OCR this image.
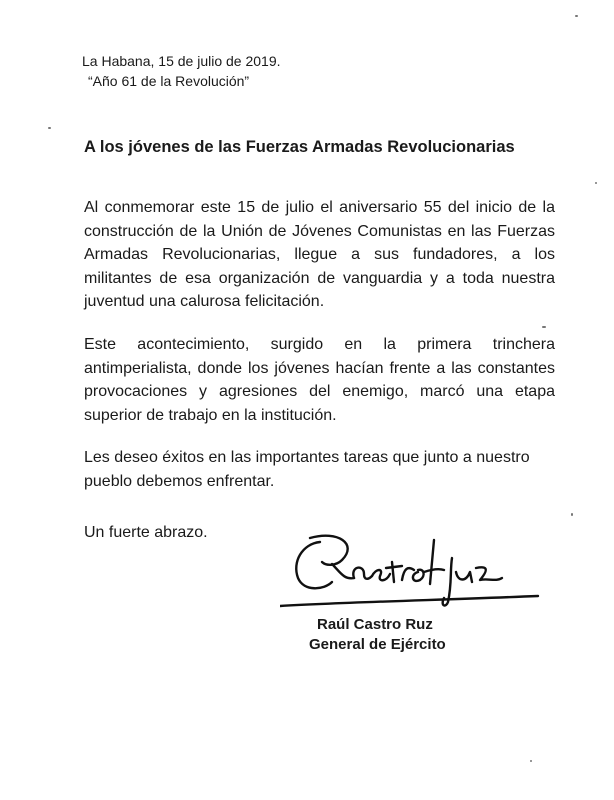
La Habana, 15 de julio de 2019.
“Año 61 de la Revolución”
A los jóvenes de las Fuerzas Armadas Revolucionarias

Al conmemorar este 15 de julio el aniversario 55 del inicio de la construcción de la Unión de Jóvenes Comunistas en las Fuerzas Armadas Revolucionarias, llegue a sus fundadores, a los militantes de esa organización de vanguardia y a toda nuestra juventud una calurosa felicitación.

Este acontecimiento, surgido en la primera trinchera antimperialista, donde los jóvenes hacían frente a las constantes provocaciones y agresiones del enemigo, marcó una etapa superior de trabajo en la institución.

Les deseo éxitos en las importantes tareas que junto a nuestro pueblo debemos enfrentar.

Un fuerte abrazo.
Raúl Castro Ruz
General de Ejército
